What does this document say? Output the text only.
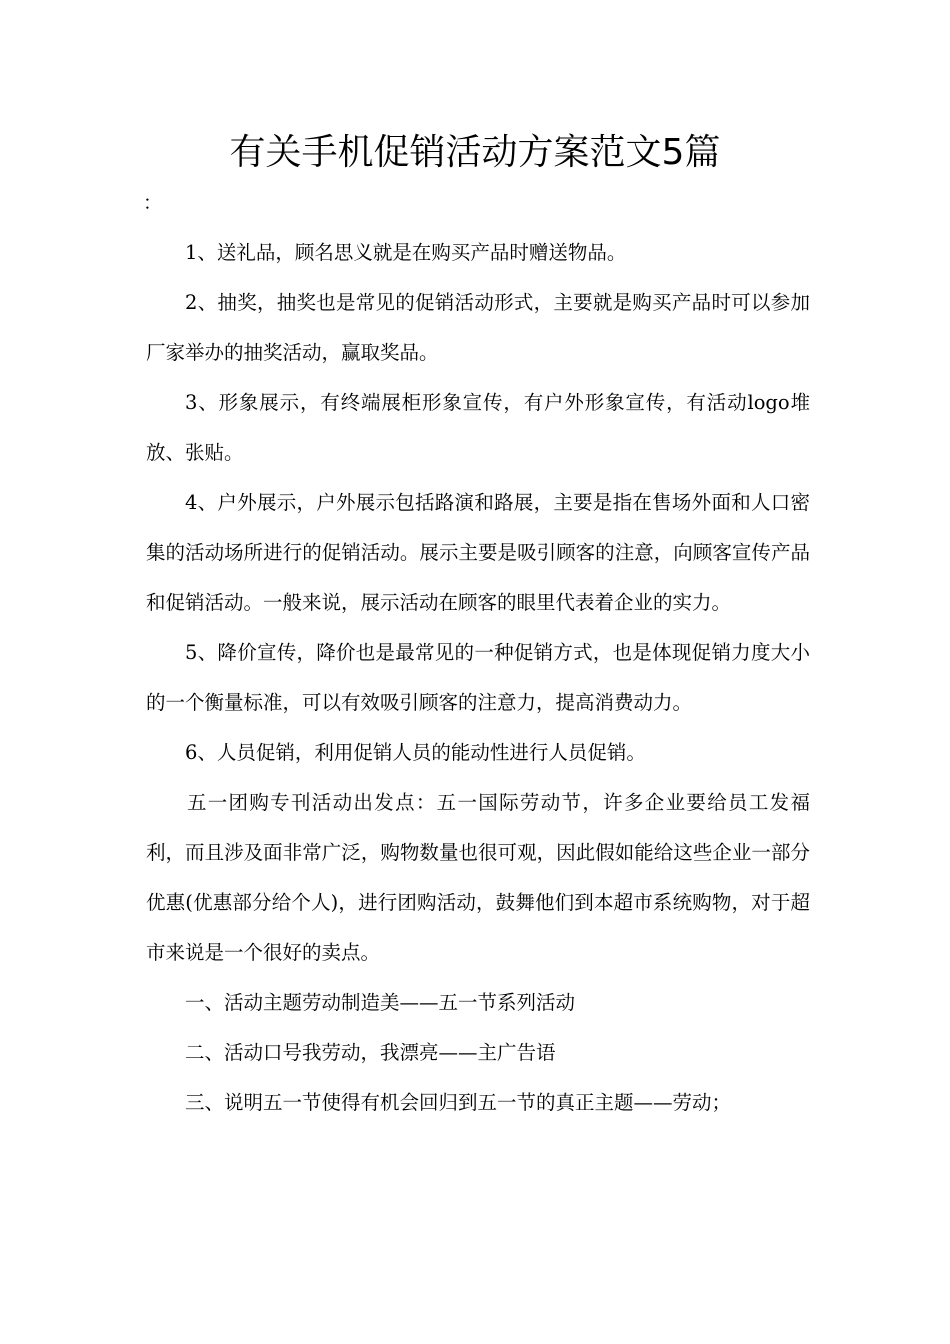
有关手机促销活动方案范文5篇
：

1、送礼品，顾名思义就是在购买产品时赠送物品。

2、抽奖，抽奖也是常见的促销活动形式，主要就是购买产品时可以参加厂家举办的抽奖活动，赢取奖品。

3、形象展示，有终端展柜形象宣传，有户外形象宣传，有活动logo堆放、张贴。

4、户外展示，户外展示包括路演和路展，主要是指在售场外面和人口密集的活动场所进行的促销活动。展示主要是吸引顾客的注意，向顾客宣传产品和促销活动。一般来说，展示活动在顾客的眼里代表着企业的实力。

5、降价宣传，降价也是最常见的一种促销方式，也是体现促销力度大小的一个衡量标准，可以有效吸引顾客的注意力，提高消费动力。

6、人员促销，利用促销人员的能动性进行人员促销。

五一团购专刊活动出发点：五一国际劳动节，许多企业要给员工发福利，而且涉及面非常广泛，购物数量也很可观，因此假如能给这些企业一部分优惠(优惠部分给个人)，进行团购活动，鼓舞他们到本超市系统购物，对于超市来说是一个很好的卖点。

一、活动主题劳动制造美——五一节系列活动

二、活动口号我劳动，我漂亮——主广告语

三、说明五一节使得有机会回归到五一节的真正主题——劳动；
